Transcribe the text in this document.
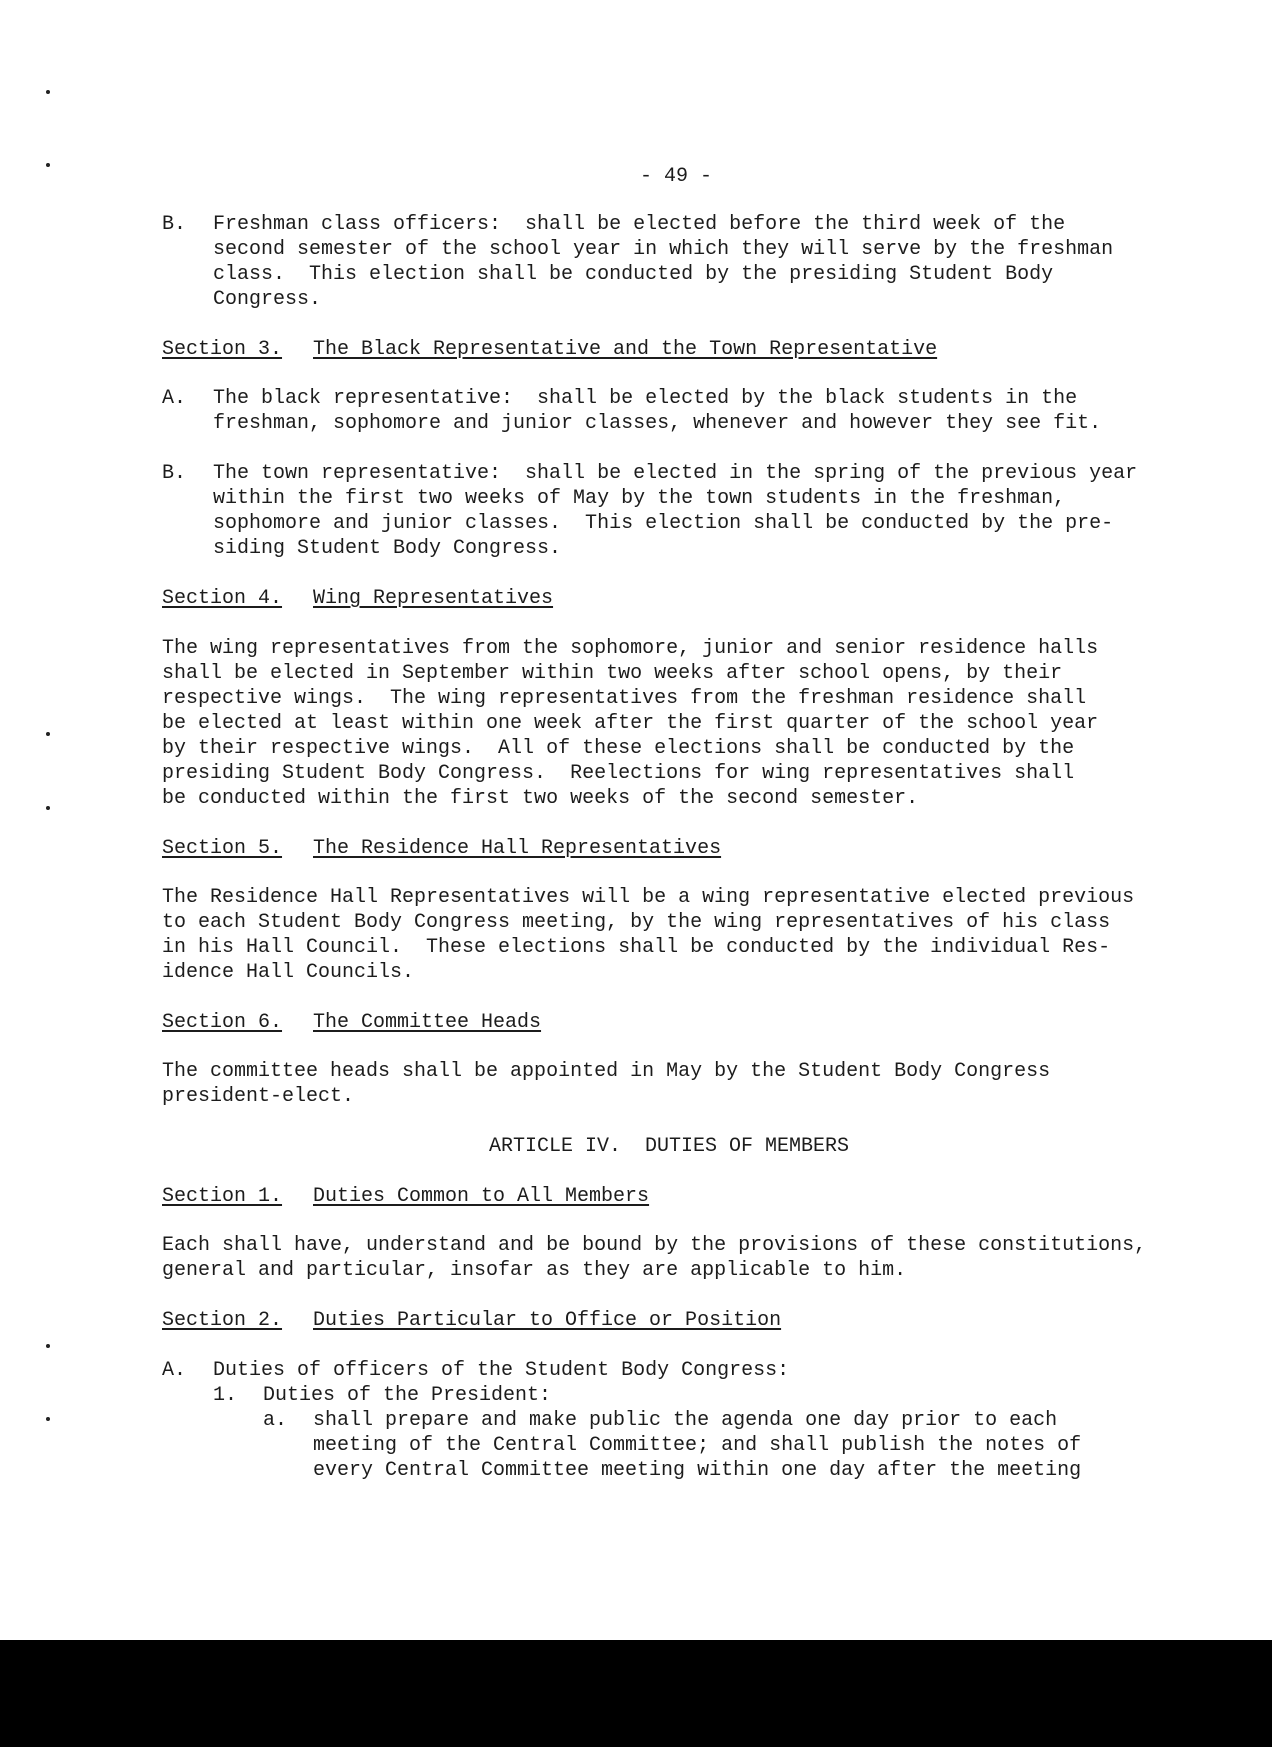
- 49 -
B. Freshman class officers:  shall be elected before the third week of the
second semester of the school year in which they will serve by the freshman
class.  This election shall be conducted by the presiding Student Body
Congress.
Section 3. The Black Representative and the Town Representative
A. The black representative:  shall be elected by the black students in the
freshman, sophomore and junior classes, whenever and however they see fit.
B. The town representative:  shall be elected in the spring of the previous year
within the first two weeks of May by the town students in the freshman,
sophomore and junior classes.  This election shall be conducted by the pre-
siding Student Body Congress.
Section 4. Wing Representatives
The wing representatives from the sophomore, junior and senior residence halls
shall be elected in September within two weeks after school opens, by their
respective wings.  The wing representatives from the freshman residence shall
be elected at least within one week after the first quarter of the school year
by their respective wings.  All of these elections shall be conducted by the
presiding Student Body Congress.  Reelections for wing representatives shall
be conducted within the first two weeks of the second semester.
Section 5. The Residence Hall Representatives
The Residence Hall Representatives will be a wing representative elected previous
to each Student Body Congress meeting, by the wing representatives of his class
in his Hall Council.  These elections shall be conducted by the individual Res-
idence Hall Councils.
Section 6. The Committee Heads
The committee heads shall be appointed in May by the Student Body Congress
president-elect.
ARTICLE IV.  DUTIES OF MEMBERS
Section 1. Duties Common to All Members
Each shall have, understand and be bound by the provisions of these constitutions,
general and particular, insofar as they are applicable to him.
Section 2. Duties Particular to Office or Position
A. Duties of officers of the Student Body Congress:
1. Duties of the President:
a. shall prepare and make public the agenda one day prior to each
meeting of the Central Committee; and shall publish the notes of
every Central Committee meeting within one day after the meeting
